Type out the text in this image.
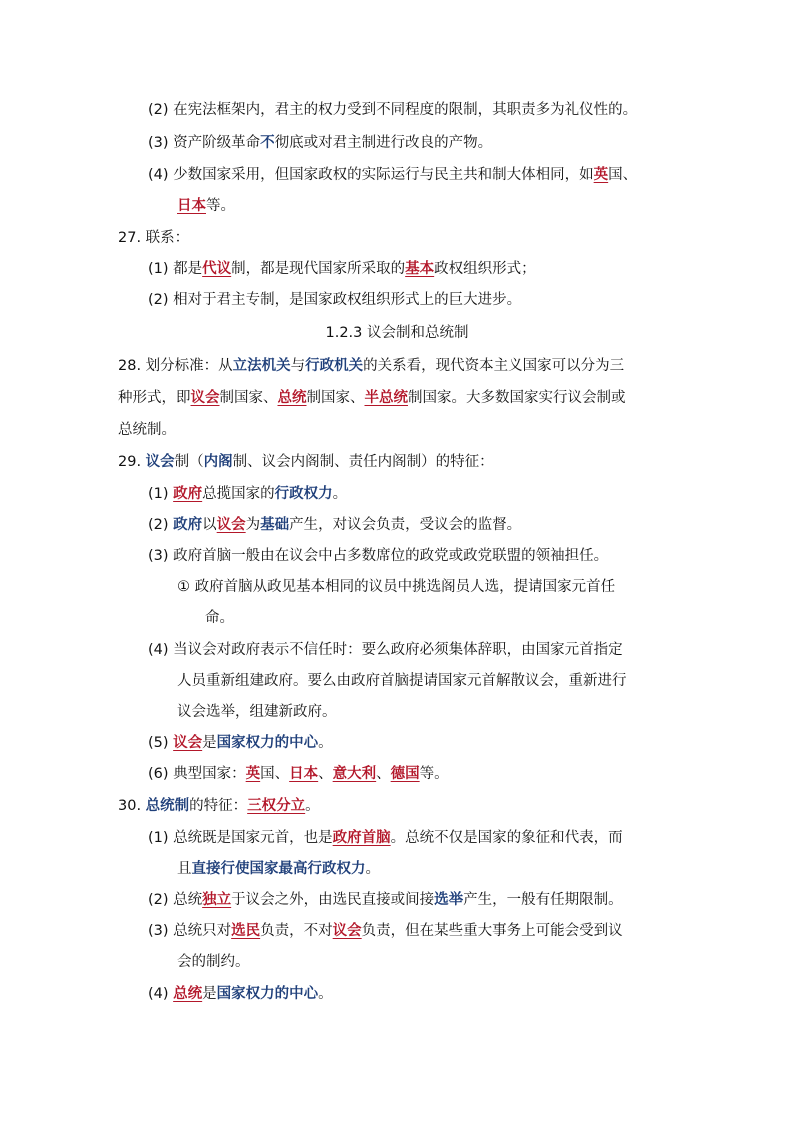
(2) 在宪法框架内，君主的权力受到不同程度的限制，其职责多为礼仪性的。
(3) 资产阶级革命不彻底或对君主制进行改良的产物。
(4) 少数国家采用，但国家政权的实际运行与民主共和制大体相同，如英国、
日本等。
27. 联系：
(1) 都是代议制，都是现代国家所采取的基本政权组织形式；
(2) 相对于君主专制，是国家政权组织形式上的巨大进步。
1.2.3 议会制和总统制
28. 划分标准：从立法机关与行政机关的关系看，现代资本主义国家可以分为三
种形式，即议会制国家、总统制国家、半总统制国家。大多数国家实行议会制或
总统制。
29. 议会制（内阁制、议会内阁制、责任内阁制）的特征：
(1) 政府总揽国家的行政权力。
(2) 政府以议会为基础产生，对议会负责，受议会的监督。
(3) 政府首脑一般由在议会中占多数席位的政党或政党联盟的领袖担任。
① 政府首脑从政见基本相同的议员中挑选阁员人选，提请国家元首任
命。
(4) 当议会对政府表示不信任时：要么政府必须集体辞职，由国家元首指定
人员重新组建政府。要么由政府首脑提请国家元首解散议会，重新进行
议会选举，组建新政府。
(5) 议会是国家权力的中心。
(6) 典型国家：英国、日本、意大利、德国等。
30. 总统制的特征：三权分立。
(1) 总统既是国家元首，也是政府首脑。总统不仅是国家的象征和代表，而
且直接行使国家最高行政权力。
(2) 总统独立于议会之外，由选民直接或间接选举产生，一般有任期限制。
(3) 总统只对选民负责，不对议会负责，但在某些重大事务上可能会受到议
会的制约。
(4) 总统是国家权力的中心。
